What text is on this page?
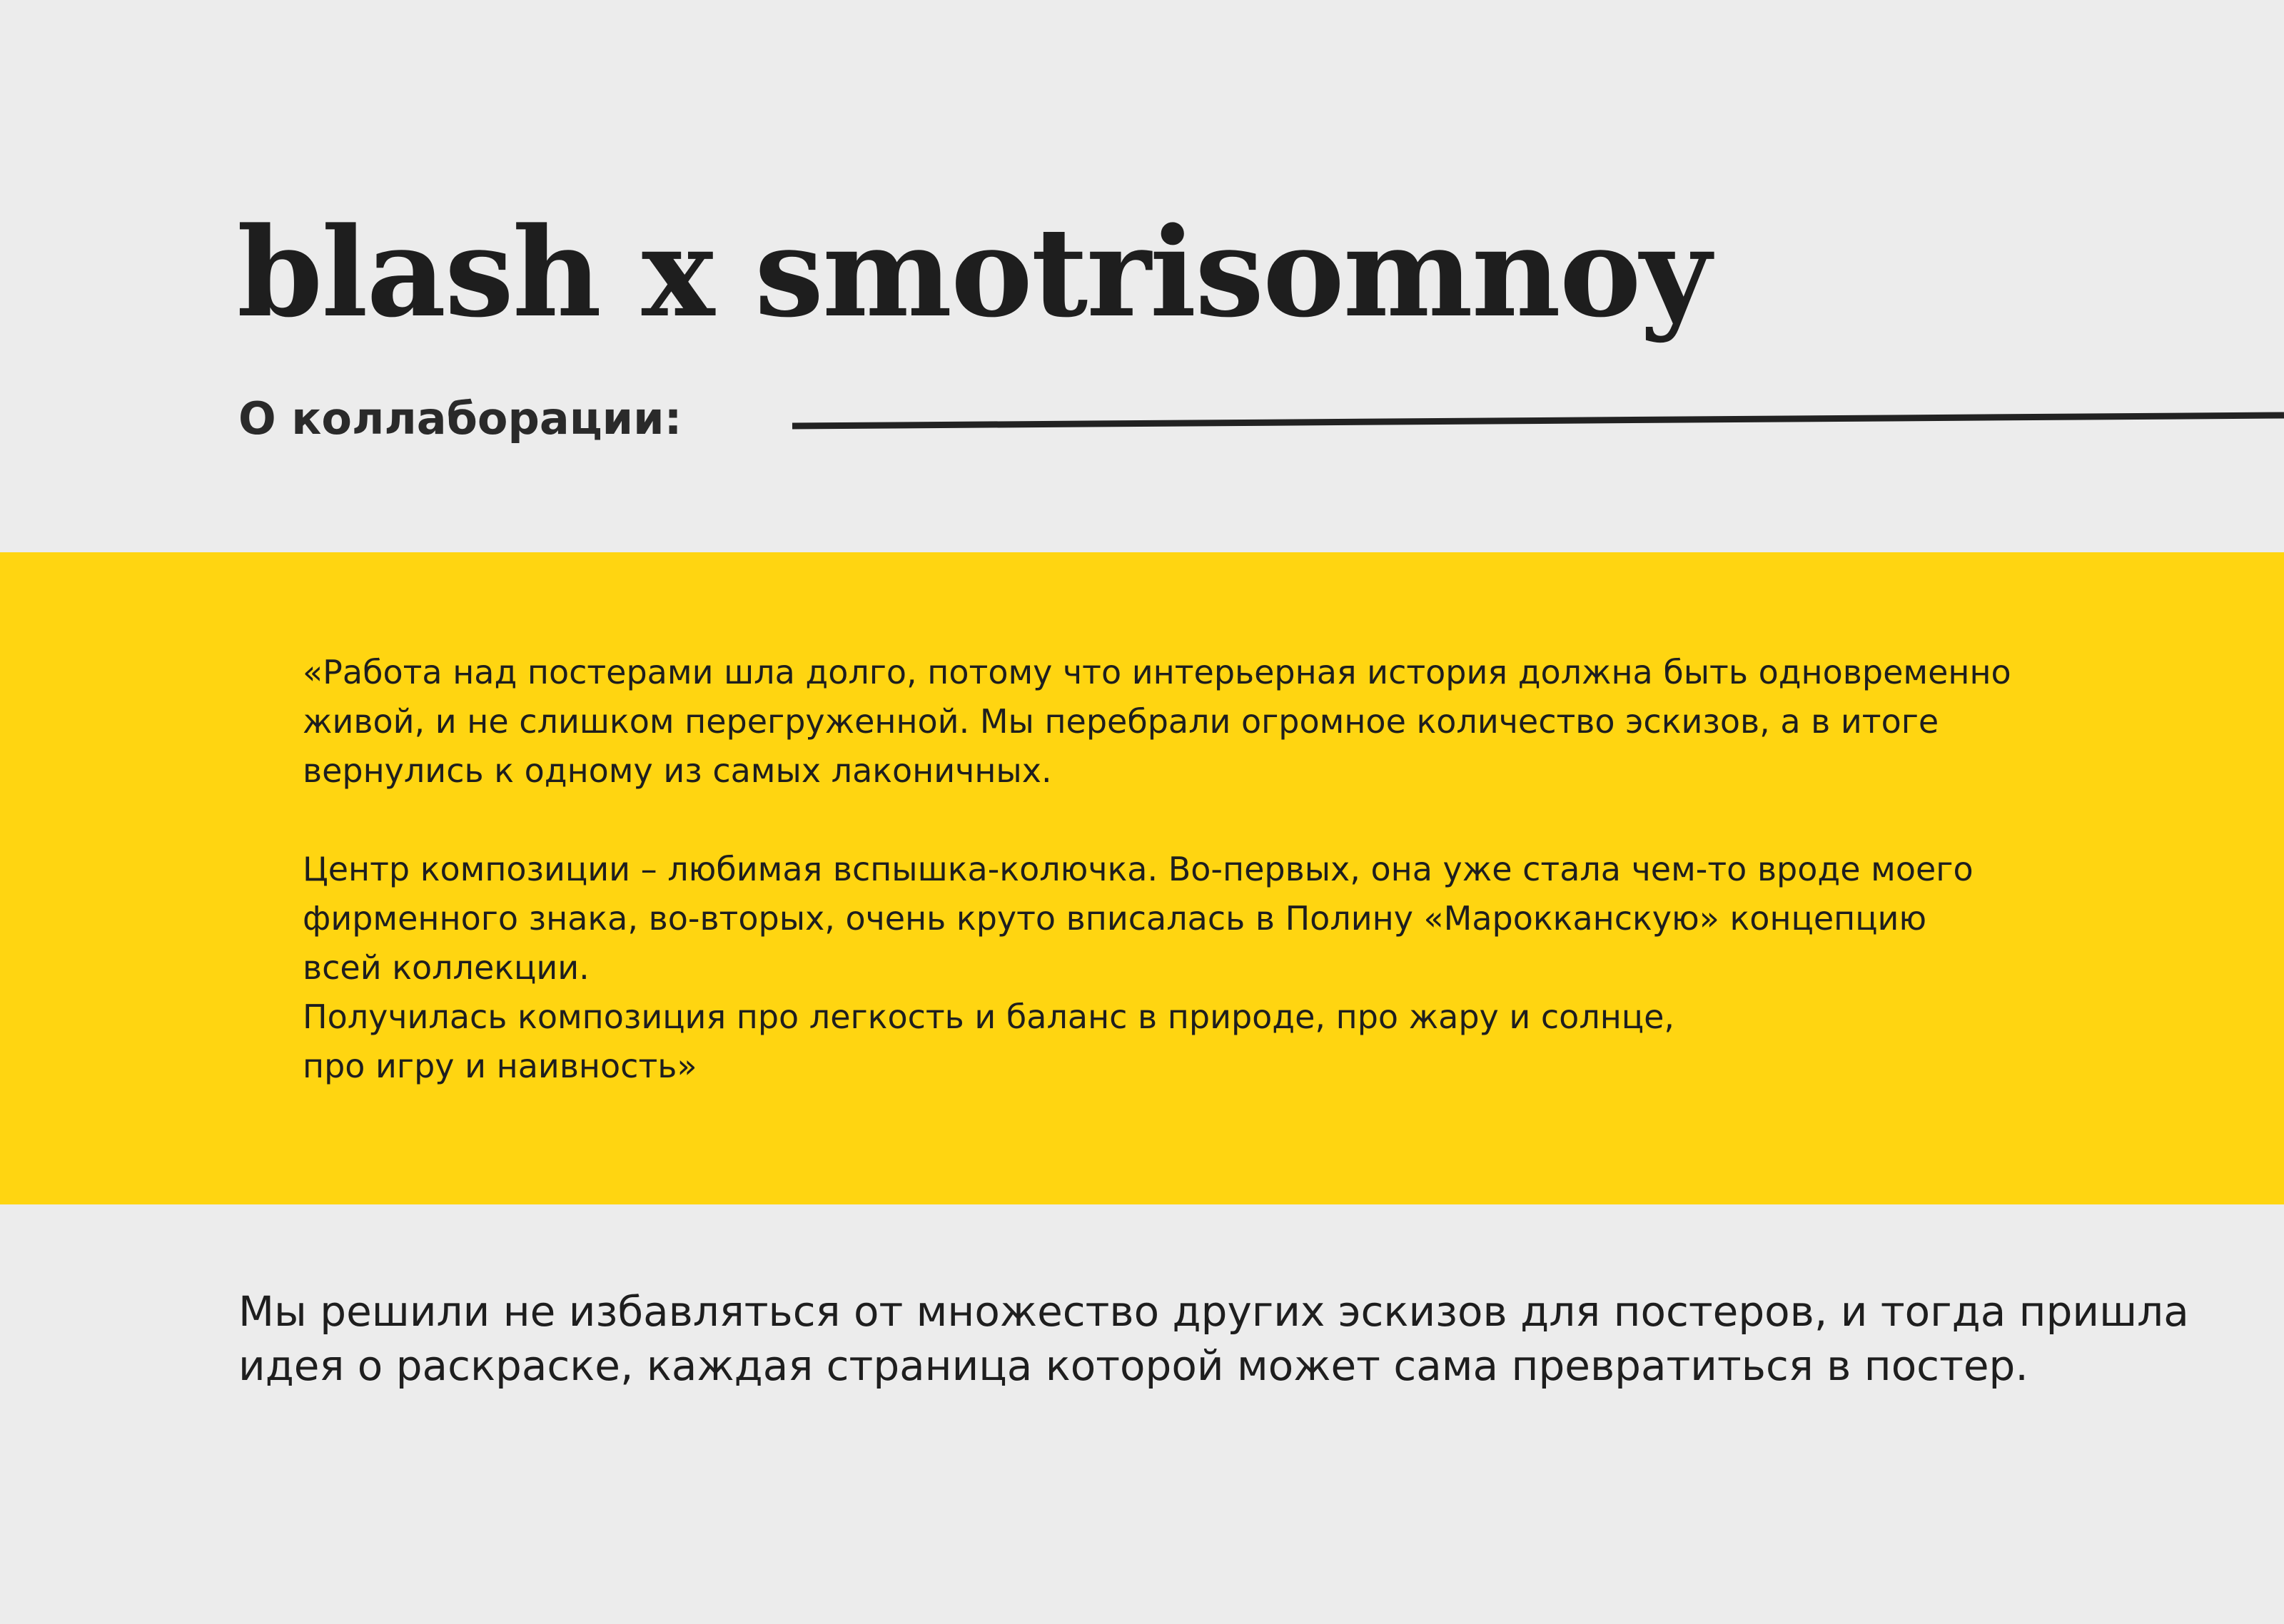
blash x smotrisomnoy
О коллаборации:

«Работа над постерами шла долго, потому что интерьерная история должна быть одновременно

живой, и не слишком перегруженной. Мы перебрали огромное количество эскизов, а в итоге

вернулись к одному из самых лаконичных.

Центр композиции – любимая вспышка-колючка. Во-первых, она уже стала чем-то вроде моего

фирменного знака, во-вторых, очень круто вписалась в Полину «Марокканскую» концепцию

всей коллекции.

Получилась композиция про легкость и баланс в природе, про жару и солнце,

про игру и наивность»

Мы решили не избавляться от множество других эскизов для постеров, и тогда пришла

идея о раскраске, каждая страница которой может сама превратиться в постер.
